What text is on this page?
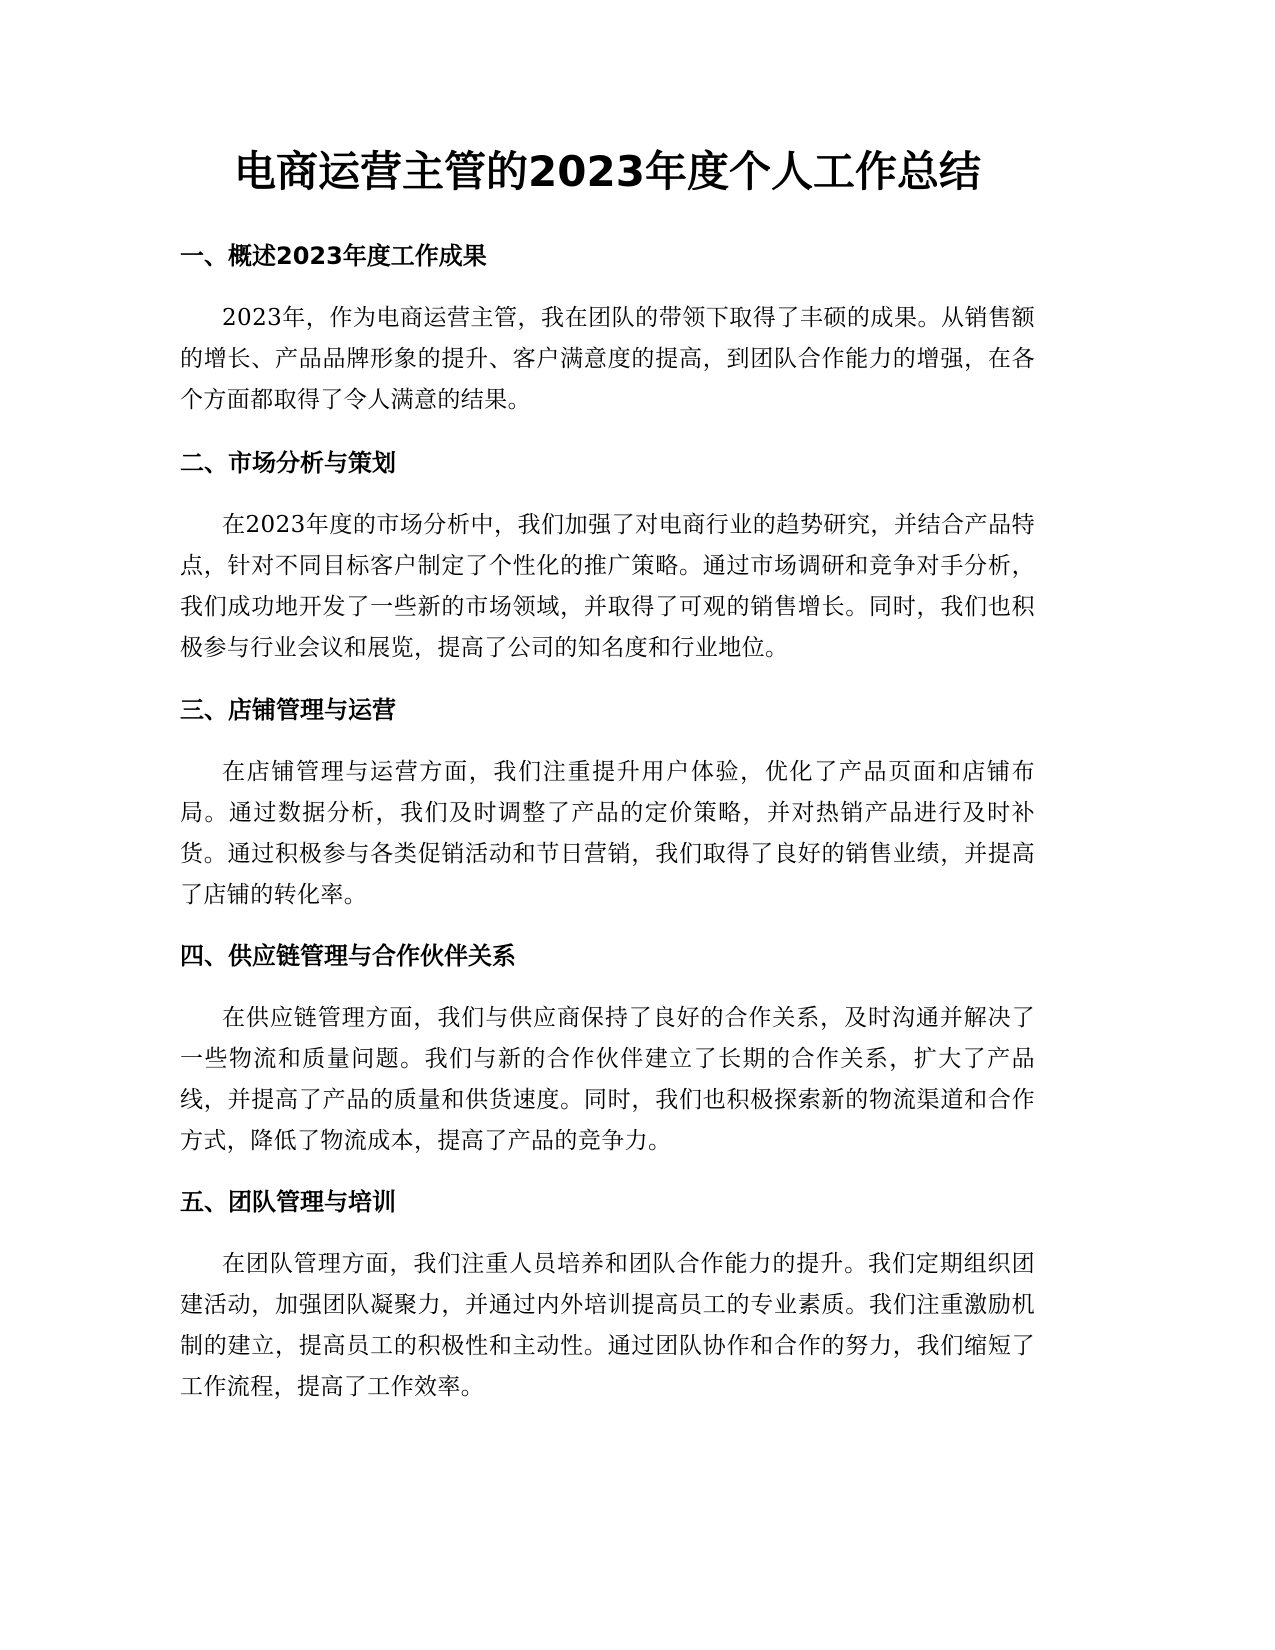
电商运营主管的2023年度个人工作总结
一、概述2023年度工作成果

2023年，作为电商运营主管，我在团队的带领下取得了丰硕的成果。从销售额的增长、产品品牌形象的提升、客户满意度的提高，到团队合作能力的增强，在各个方面都取得了令人满意的结果。

二、市场分析与策划

在2023年度的市场分析中，我们加强了对电商行业的趋势研究，并结合产品特点，针对不同目标客户制定了个性化的推广策略。通过市场调研和竞争对手分析，我们成功地开发了一些新的市场领域，并取得了可观的销售增长。同时，我们也积极参与行业会议和展览，提高了公司的知名度和行业地位。

三、店铺管理与运营

在店铺管理与运营方面，我们注重提升用户体验，优化了产品页面和店铺布局。通过数据分析，我们及时调整了产品的定价策略，并对热销产品进行及时补货。通过积极参与各类促销活动和节日营销，我们取得了良好的销售业绩，并提高了店铺的转化率。

四、供应链管理与合作伙伴关系

在供应链管理方面，我们与供应商保持了良好的合作关系，及时沟通并解决了一些物流和质量问题。我们与新的合作伙伴建立了长期的合作关系，扩大了产品线，并提高了产品的质量和供货速度。同时，我们也积极探索新的物流渠道和合作方式，降低了物流成本，提高了产品的竞争力。

五、团队管理与培训

在团队管理方面，我们注重人员培养和团队合作能力的提升。我们定期组织团建活动，加强团队凝聚力，并通过内外培训提高员工的专业素质。我们注重激励机制的建立，提高员工的积极性和主动性。通过团队协作和合作的努力，我们缩短了工作流程，提高了工作效率。
